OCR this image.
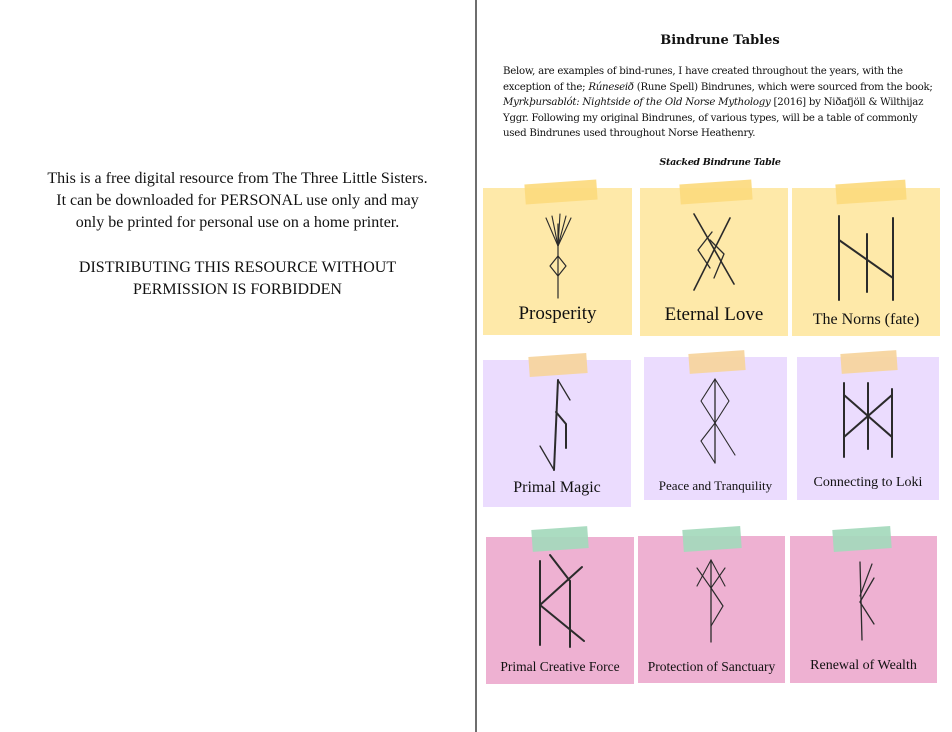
This is a free digital resource from The Three Little Sisters.

It can be downloaded for PERSONAL use only and may

only be printed for personal use on a home printer.

DISTRIBUTING THIS RESOURCE WITHOUT

PERMISSION IS FORBIDDEN

Bindrune Tables
Below, are examples of bind-runes, I have created throughout the years, with the exception of the; Rúneseið (Rune Spell) Bindrunes, which were sourced from the book; Myrkþursablót: Nightside of the Old Norse Mythology [2016] by Niðafjöll & Wilthijaz Yggr. Following my original Bindrunes, of various types, will be a table of commonly used Bindrunes used throughout Norse Heathenry.
Stacked Bindrune Table
Prosperity	Eternal Love	The Norns (fate)
Primal Magic	Peace and Tranquility	Connecting to Loki
Primal Creative Force	Protection of Sanctuary	Renewal of Wealth
